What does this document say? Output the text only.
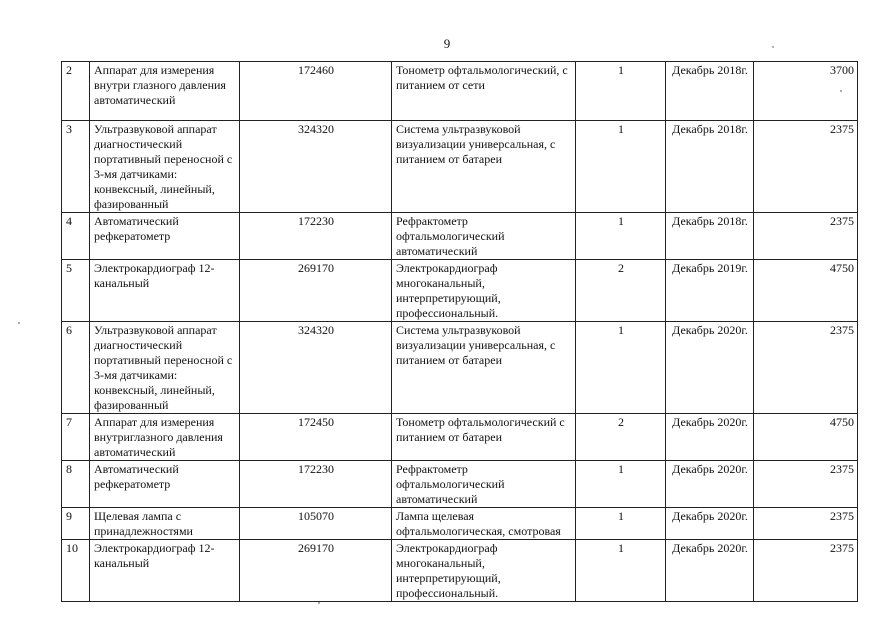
9
2	Аппарат для измерения внутри глазного давления автоматический	172460	Тонометр офтальмологический, с питанием от сети	1	Декабрь 2018г.	3700
3	Ультразвуковой аппарат диагностический портативный переносной с 3-мя датчиками: конвексный, линейный, фазированный	324320	Система ультразвуковой визуализации универсальная, с питанием от батареи	1	Декабрь 2018г.	2375
4	Автоматический рефкератометр	172230	Рефрактометр офтальмологический автоматический	1	Декабрь 2018г.	2375
5	Электрокардиограф 12-канальный	269170	Электрокардиограф многоканальный, интерпретирующий, профессиональный.	2	Декабрь 2019г.	4750
6	Ультразвуковой аппарат диагностический портативный переносной с 3-мя датчиками: конвексный, линейный, фазированный	324320	Система ультразвуковой визуализации универсальная, с питанием от батареи	1	Декабрь 2020г.	2375
7	Аппарат для измерения внутриглазного давления автоматический	172450	Тонометр офтальмологический с питанием от батареи	2	Декабрь 2020г.	4750
8	Автоматический рефкератометр	172230	Рефрактометр офтальмологический автоматический	1	Декабрь 2020г.	2375
9	Щелевая лампа с принадлежностями	105070	Лампа щелевая офтальмологическая, смотровая	1	Декабрь 2020г.	2375
10	Электрокардиограф 12-канальный	269170	Электрокардиограф многоканальный, интерпретирующий, профессиональный.	1	Декабрь 2020г.	2375
